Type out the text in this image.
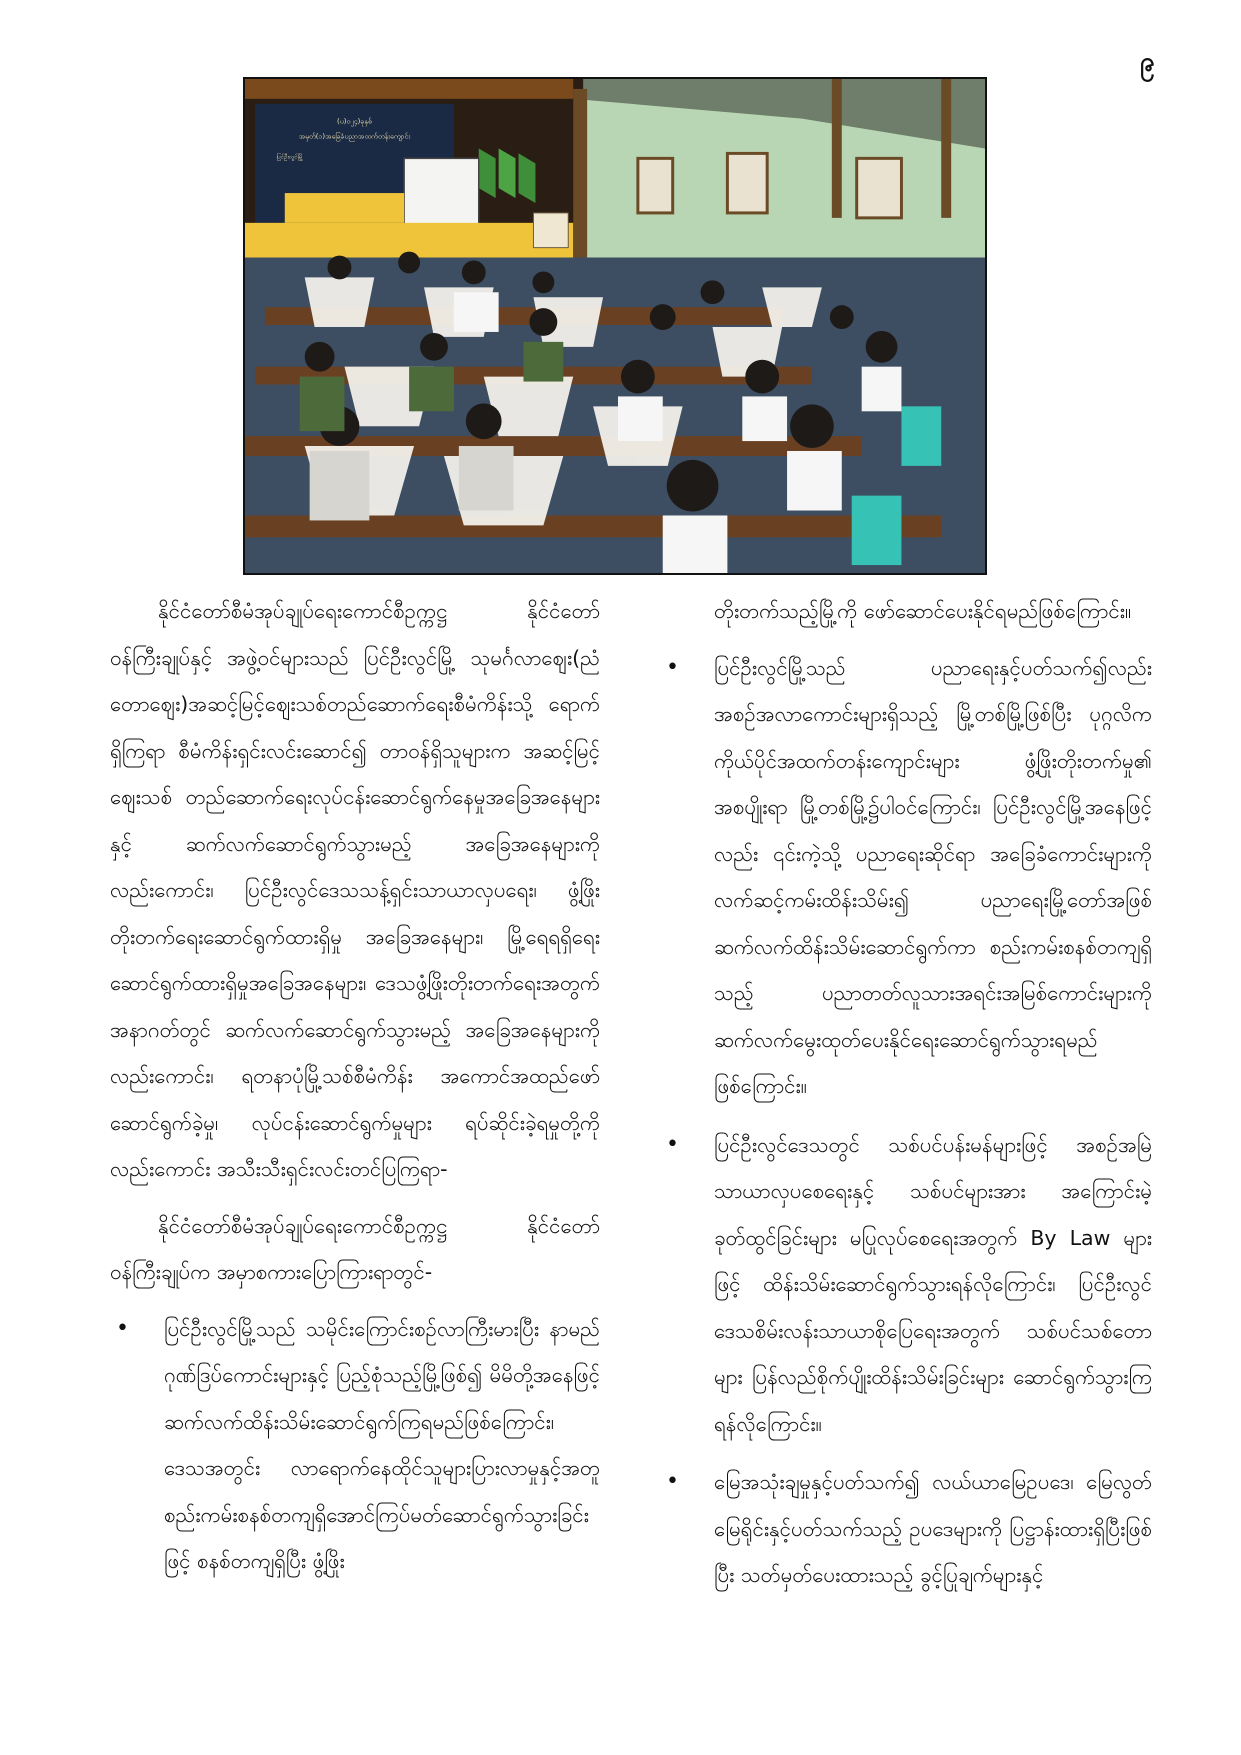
၉
(ပ)ဝ၂၄)ခုနှစ်
အမှတ်(၁)အခြေခံပညာအထက်တန်းကျောင်း
ပြင်ဦးလွင်မြို့

နိုင်ငံတော်စီမံအုပ်ချုပ်ရေးကောင်စီဥက္ကဋ္ဌ နိုင်ငံတော်ဝန်ကြီးချုပ်နှင့် အဖွဲ့ဝင်များသည် ပြင်ဦးလွင်မြို့ သုမင်္ဂလာဈေး(ညံတောဈေး)အဆင့်မြင့်ဈေးသစ်တည်ဆောက်ရေးစီမံကိန်းသို့ ရောက်ရှိကြရာ စီမံကိန်းရှင်းလင်းဆောင်၍ တာဝန်ရှိသူများက အဆင့်မြင့်ဈေးသစ် တည်ဆောက်ရေးလုပ်ငန်းဆောင်ရွက်နေမှုအခြေအနေများနှင့် ဆက်လက်ဆောင်ရွက်သွားမည့် အခြေအနေများကိုလည်းကောင်း၊ ပြင်ဦးလွင်ဒေသသန့်ရှင်းသာယာလှပရေး၊ ဖွံ့ဖြိုးတိုးတက်ရေးဆောင်ရွက်ထားရှိမှု အခြေအနေများ၊ မြို့ရေရရှိရေးဆောင်ရွက်ထားရှိမှုအခြေအနေများ၊ ဒေသဖွံ့ဖြိုးတိုးတက်ရေးအတွက် အနာဂတ်တွင် ဆက်လက်ဆောင်ရွက်သွားမည့် အခြေအနေများကိုလည်းကောင်း၊ ရတနာပုံမြို့သစ်စီမံကိန်း အကောင်အထည်ဖော်ဆောင်ရွက်ခဲ့မှု၊ လုပ်ငန်းဆောင်ရွက်မှုများ ရပ်ဆိုင်းခဲ့ရမှုတို့ကိုလည်းကောင်း အသီးသီးရှင်းလင်းတင်ပြကြရာ-

နိုင်ငံတော်စီမံအုပ်ချုပ်ရေးကောင်စီဥက္ကဋ္ဌ နိုင်ငံတော်ဝန်ကြီးချုပ်က အမှာစကားပြောကြားရာတွင်-

• ပြင်ဦးလွင်မြို့သည် သမိုင်းကြောင်းစဉ်လာကြီးမားပြီး နာမည်ဂုဏ်ဒြပ်ကောင်းများနှင့် ပြည့်စုံသည့်မြို့ဖြစ်၍ မိမိတို့အနေဖြင့် ဆက်လက်ထိန်းသိမ်းဆောင်ရွက်ကြရမည်ဖြစ်ကြောင်း၊ ဒေသအတွင်း လာရောက်နေထိုင်သူများပြားလာမှုနှင့်အတူ စည်းကမ်းစနစ်တကျရှိအောင်ကြပ်မတ်ဆောင်ရွက်သွားခြင်းဖြင့် စနစ်တကျရှိပြီး ဖွံ့ဖြိုး

တိုးတက်သည့်မြို့ကို ဖော်ဆောင်ပေးနိုင်ရမည်ဖြစ်ကြောင်း။

• ပြင်ဦးလွင်မြို့သည် ပညာရေးနှင့်ပတ်သက်၍လည်း အစဉ်အလာကောင်းများရှိသည့် မြို့တစ်မြို့ဖြစ်ပြီး ပုဂ္ဂလိကကိုယ်ပိုင်အထက်တန်းကျောင်းများ ဖွံ့ဖြိုးတိုးတက်မှု၏ အစပျိုးရာ မြို့တစ်မြို့၌ပါဝင်ကြောင်း၊ ပြင်ဦးလွင်မြို့အနေဖြင့်လည်း ၎င်းကဲ့သို့ ပညာရေးဆိုင်ရာ အခြေခံကောင်းများကို လက်ဆင့်ကမ်းထိန်းသိမ်း၍ ပညာရေးမြို့တော်အဖြစ် ဆက်လက်ထိန်းသိမ်းဆောင်ရွက်ကာ စည်းကမ်းစနစ်တကျရှိသည့် ပညာတတ်လူသားအရင်းအမြစ်ကောင်းများကို ဆက်လက်မွေးထုတ်ပေးနိုင်ရေးဆောင်ရွက်သွားရမည်ဖြစ်ကြောင်း။
• ပြင်ဦးလွင်ဒေသတွင် သစ်ပင်ပန်းမန်များဖြင့် အစဉ်အမြဲသာယာလှပစေရေးနှင့် သစ်ပင်များအား အကြောင်းမဲ့ခုတ်ထွင်ခြင်းများ မပြုလုပ်စေရေးအတွက် By Law များဖြင့် ထိန်းသိမ်းဆောင်ရွက်သွားရန်လိုကြောင်း၊ ပြင်ဦးလွင်ဒေသစိမ်းလန်းသာယာစိုပြေရေးအတွက် သစ်ပင်သစ်တောများ ပြန်လည်စိုက်ပျိုးထိန်းသိမ်းခြင်းများ ဆောင်ရွက်သွားကြရန်လိုကြောင်း။
• မြေအသုံးချမှုနှင့်ပတ်သက်၍ လယ်ယာမြေဥပဒေ၊ မြေလွတ်မြေရိုင်းနှင့်ပတ်သက်သည့် ဥပဒေများကို ပြဋ္ဌာန်းထားရှိပြီးဖြစ်ပြီး သတ်မှတ်ပေးထားသည့် ခွင့်ပြုချက်များနှင့်
